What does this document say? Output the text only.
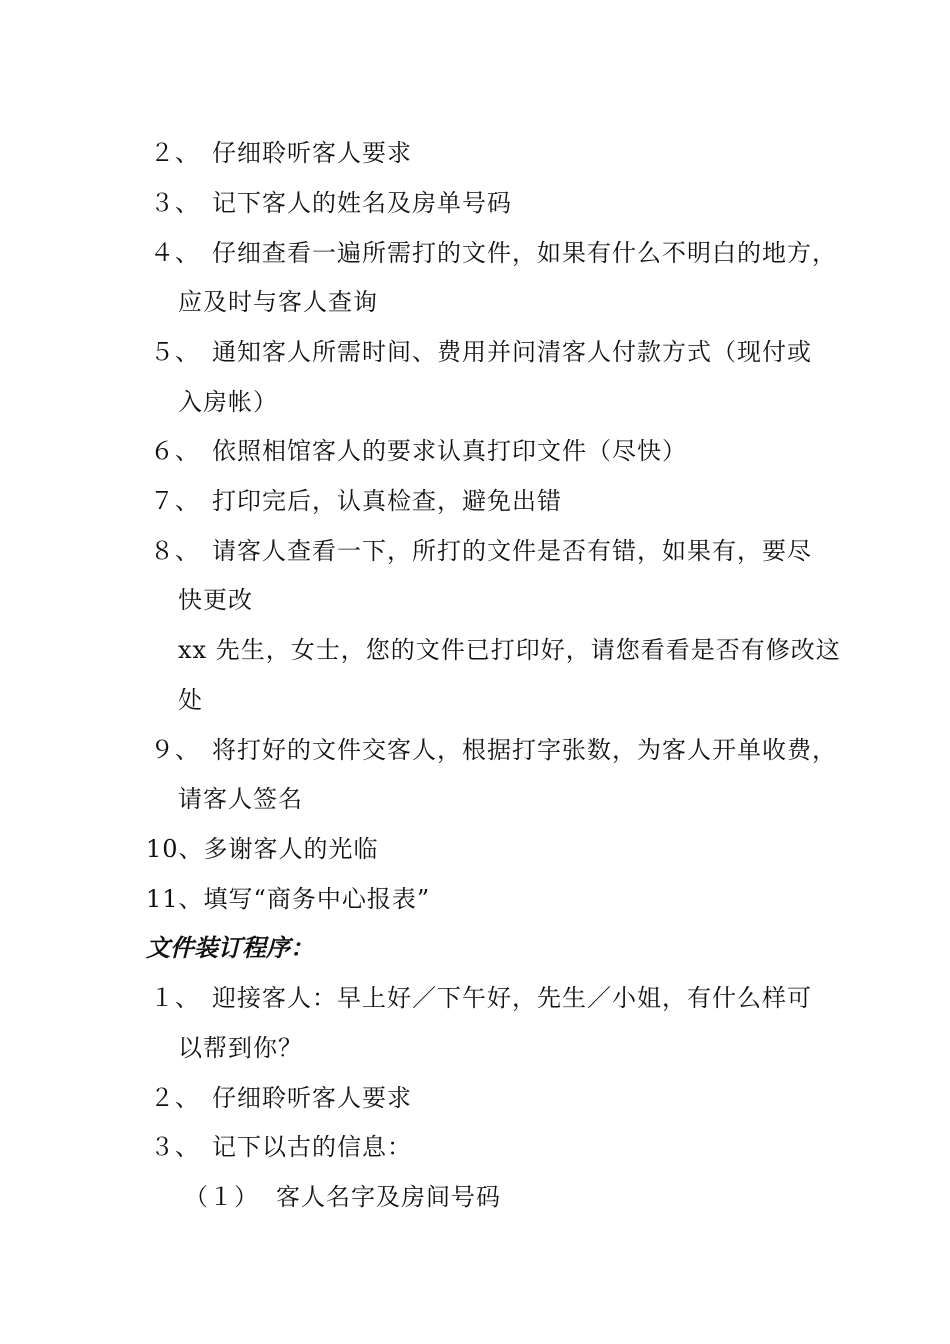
２、 仔细聆听客人要求
３、 记下客人的姓名及房单号码
４、 仔细查看一遍所需打的文件，如果有什么不明白的地方，
应及时与客人查询
５、 通知客人所需时间、费用并问清客人付款方式（现付或
入房帐）
６、 依照相馆客人的要求认真打印文件（尽快）
７、 打印完后，认真检查，避免出错
８、 请客人查看一下，所打的文件是否有错，如果有，要尽
快更改
xx 先生，女士，您的文件已打印好，请您看看是否有修改这
处
９、 将打好的文件交客人，根据打字张数，为客人开单收费，
请客人签名
10、多谢客人的光临
11、填写“商务中心报表”
文件装订程序：
１、 迎接客人：早上好／下午好，先生／小姐，有什么样可
以帮到你？
２、 仔细聆听客人要求
３、 记下以古的信息：
（１） 客人名字及房间号码
